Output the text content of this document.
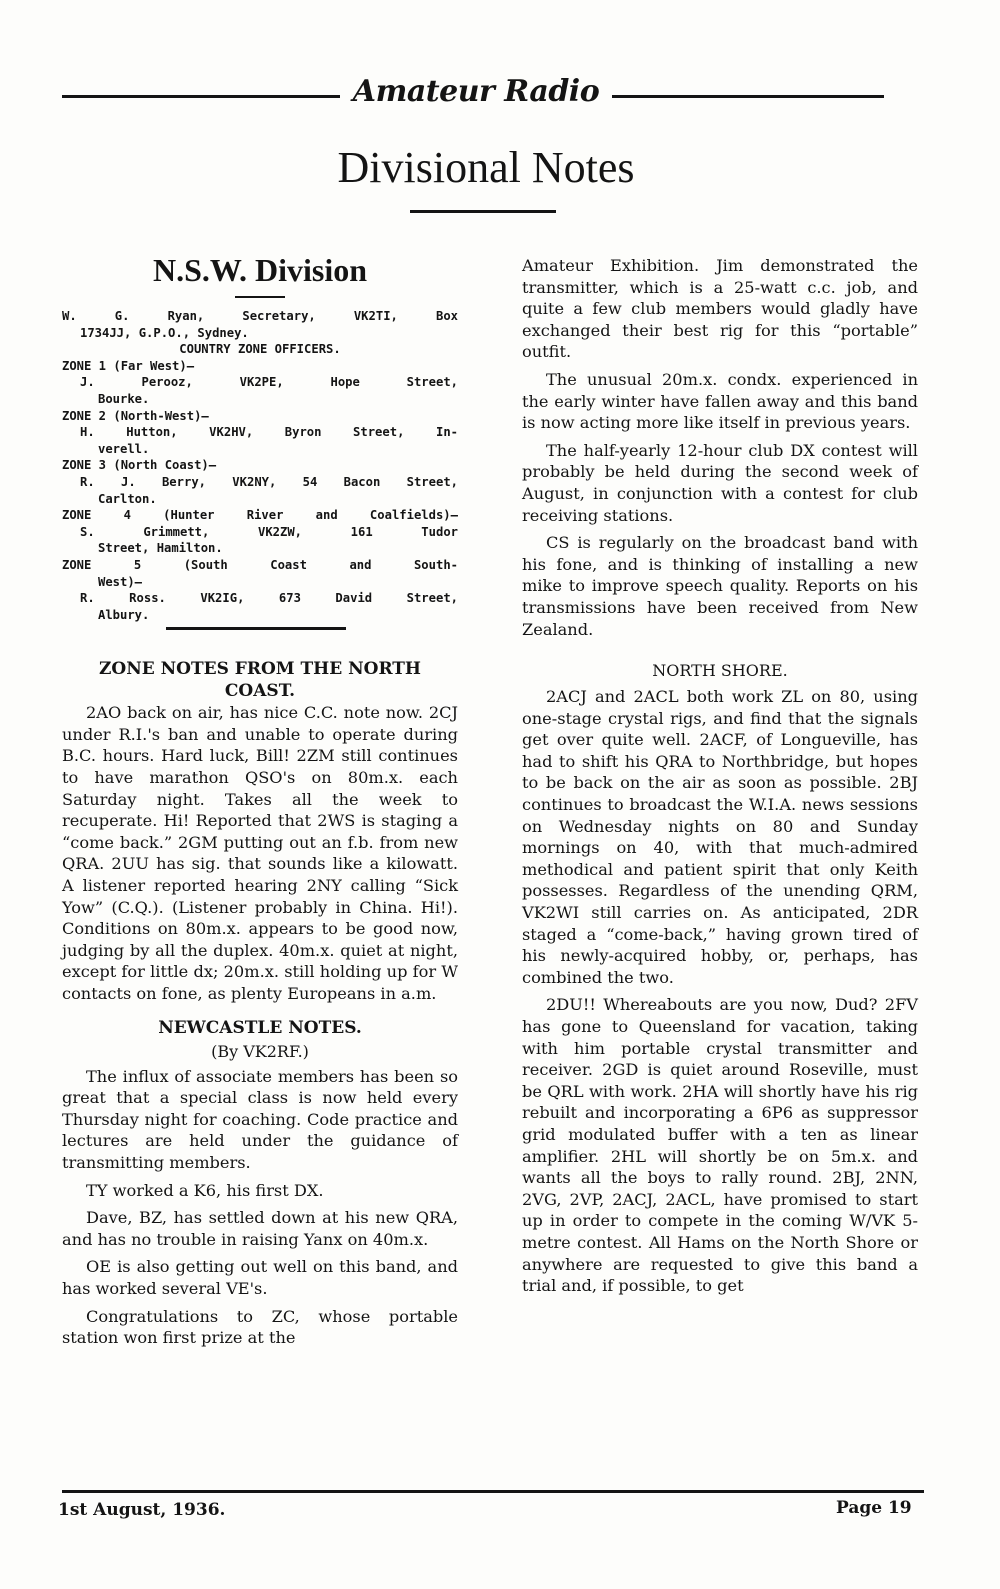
Amateur Radio
Divisional Notes
N.S.W. Division

W. G. Ryan, Secretary, VK2TI, Box

1734JJ, G.P.O., Sydney.

COUNTRY ZONE OFFICERS.

ZONE 1 (Far West)—

J. Perooz, VK2PE, Hope Street,

Bourke.

ZONE 2 (North-West)—

H. Hutton, VK2HV, Byron Street, In-

verell.

ZONE 3 (North Coast)—

R. J. Berry, VK2NY, 54 Bacon Street,

Carlton.

ZONE 4 (Hunter River and Coalfields)—

S. Grimmett, VK2ZW, 161 Tudor

Street, Hamilton.

ZONE 5 (South Coast and South-

West)—

R. Ross. VK2IG, 673 David Street,

Albury.

ZONE NOTES FROM THE NORTH COAST.

2AO back on air, has nice C.C. note now. 2CJ under R.I.'s ban and unable to operate during B.C. hours. Hard luck, Bill! 2ZM still continues to have marathon QSO's on 80m.x. each Saturday night. Takes all the week to recuperate. Hi! Reported that 2WS is staging a “come back.” 2GM putting out an f.b. from new QRA. 2UU has sig. that sounds like a kilowatt. A listener reported hearing 2NY calling “Sick Yow” (C.Q.). (Listener probably in China. Hi!). Conditions on 80m.x. appears to be good now, judging by all the duplex. 40m.x. quiet at night, except for little dx; 20m.x. still holding up for W contacts on fone, as plenty Europeans in a.m.

NEWCASTLE NOTES.
(By VK2RF.)

The influx of associate members has been so great that a special class is now held every Thursday night for coaching. Code practice and lectures are held under the guidance of transmitting members.

TY worked a K6, his first DX.

Dave, BZ, has settled down at his new QRA, and has no trouble in raising Yanx on 40m.x.

OE is also getting out well on this band, and has worked several VE's.

Congratulations to ZC, whose portable station won first prize at the

Amateur Exhibition. Jim demonstrated the transmitter, which is a 25-watt c.c. job, and quite a few club members would gladly have exchanged their best rig for this “portable” outfit.

The unusual 20m.x. condx. experienced in the early winter have fallen away and this band is now acting more like itself in previous years.

The half-yearly 12-hour club DX contest will probably be held during the second week of August, in conjunction with a contest for club receiving stations.

CS is regularly on the broadcast band with his fone, and is thinking of installing a new mike to improve speech quality. Reports on his transmissions have been received from New Zealand.

NORTH SHORE.

2ACJ and 2ACL both work ZL on 80, using one-stage crystal rigs, and find that the signals get over quite well. 2ACF, of Longueville, has had to shift his QRA to Northbridge, but hopes to be back on the air as soon as possible. 2BJ continues to broadcast the W.I.A. news sessions on Wednesday nights on 80 and Sunday mornings on 40, with that much-admired methodical and patient spirit that only Keith possesses. Regardless of the unending QRM, VK2WI still carries on. As anticipated, 2DR staged a “come-back,” having grown tired of his newly-acquired hobby, or, perhaps, has combined the two.

2DU!! Whereabouts are you now, Dud? 2FV has gone to Queensland for vacation, taking with him portable crystal transmitter and receiver. 2GD is quiet around Roseville, must be QRL with work. 2HA will shortly have his rig rebuilt and incorporating a 6P6 as suppressor grid modulated buffer with a ten as linear amplifier. 2HL will shortly be on 5m.x. and wants all the boys to rally round. 2BJ, 2NN, 2VG, 2VP, 2ACJ, 2ACL, have promised to start up in order to compete in the coming W/VK 5-metre contest. All Hams on the North Shore or anywhere are requested to give this band a trial and, if possible, to get

1st August, 1936.	Page 19
